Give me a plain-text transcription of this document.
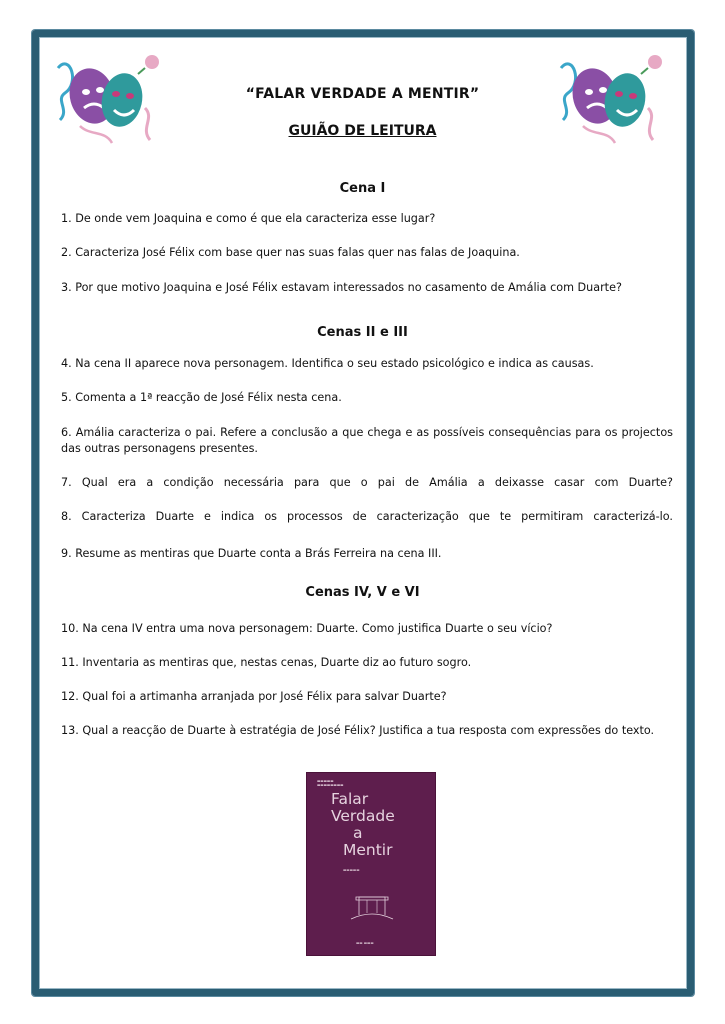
“FALAR VERDADE A MENTIR”
GUIÃO DE LEITURA
Cena I
1. De onde vem Joaquina e como é que ela caracteriza esse lugar?
2. Caracteriza José Félix com base quer nas suas falas quer nas falas de Joaquina.
3. Por que motivo Joaquina e José Félix estavam interessados no casamento de Amália com Duarte?
Cenas II e III
4. Na cena II aparece nova personagem. Identifica o seu estado psicológico e indica as causas.
5. Comenta a 1ª reacção de José Félix nesta cena.
6. Amália caracteriza o pai. Refere a conclusão a que chega e as possíveis consequências para os projectos das outras personagens presentes.
7. Qual era a condição necessária para que o pai de Amália a deixasse casar com Duarte?
8. Caracteriza Duarte e indica os processos de caracterização que te permitiram caracterizá-lo.
9. Resume as mentiras que Duarte conta a Brás Ferreira na cena III.
Cenas IV, V e VI
10. Na cena IV entra uma nova personagem: Duarte. Como justifica Duarte o seu vício?
11. Inventaria as mentiras que, nestas cenas, Duarte diz ao futuro sogro.
12. Qual foi a artimanha arranjada por José Félix para salvar Duarte?
13. Qual a reacção de Duarte à estratégia de José Félix? Justifica a tua resposta com expressões do texto.
▬▬▬▬▬
▬▬▬▬▬▬▬▬
Falar
Verdade
a
Mentir
▬▬▬▬▬
▬▬ ▬▬▬
